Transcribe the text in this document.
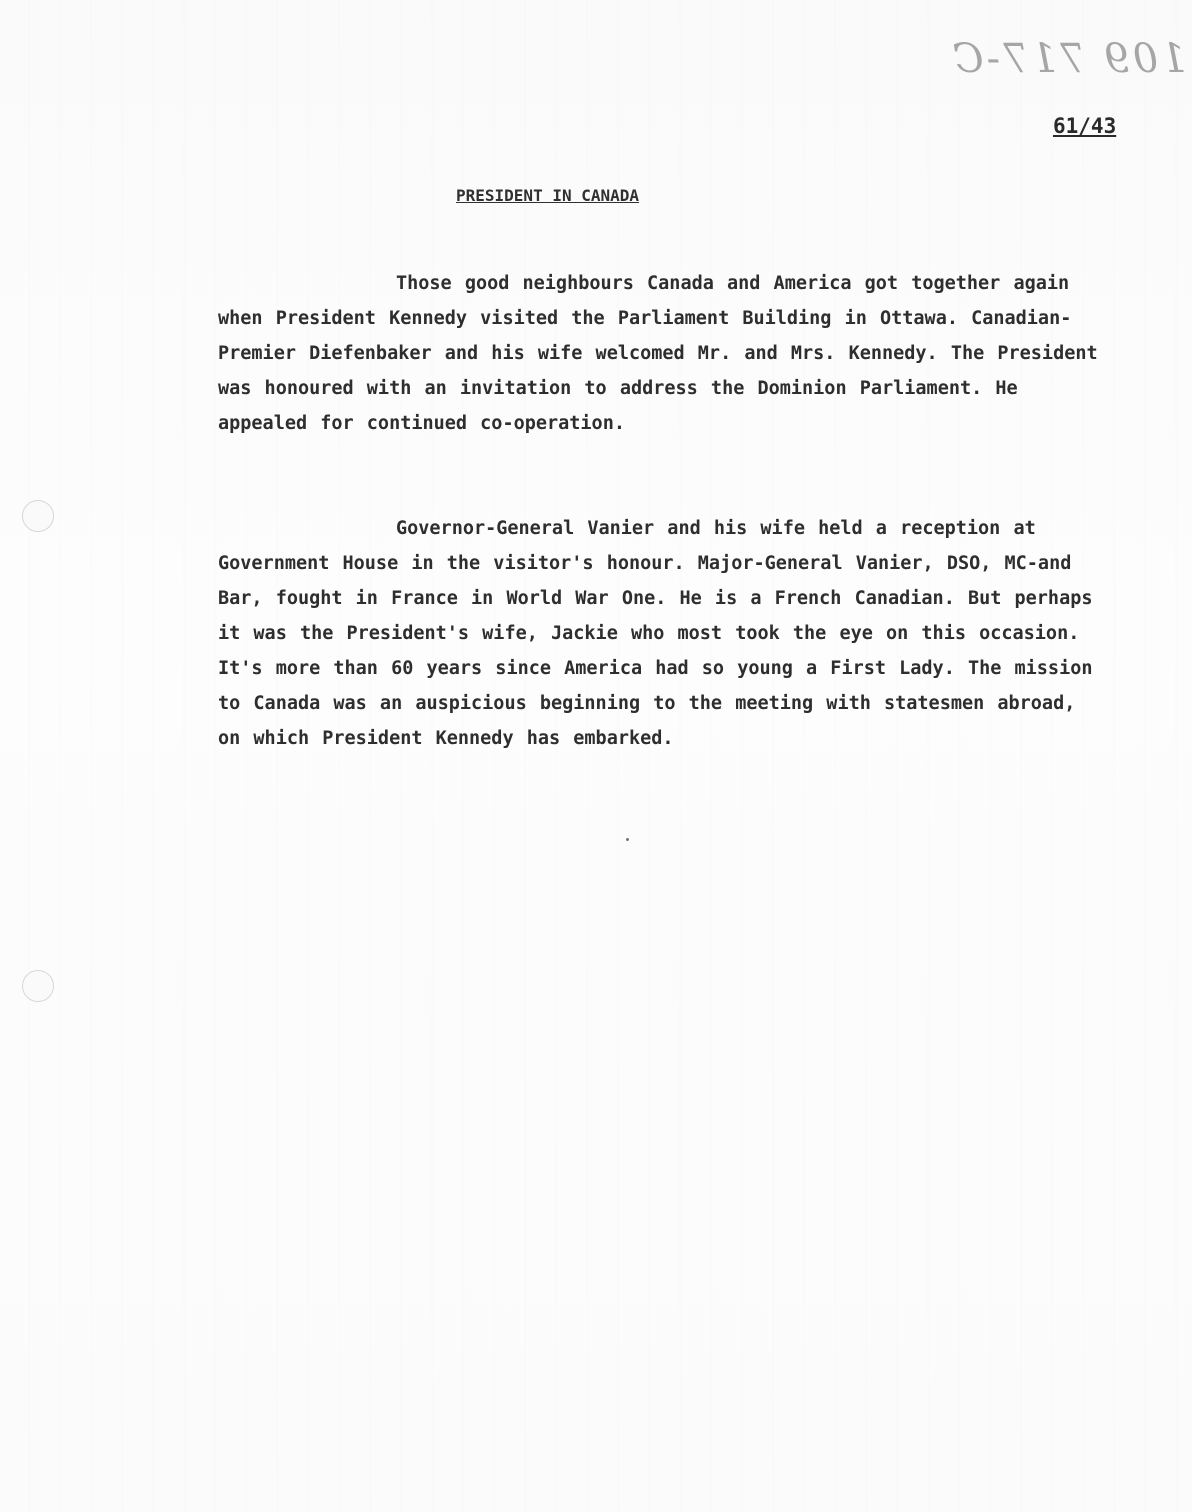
109 717-C
61/43
PRESIDENT IN CANADA

Those good neighbours Canada and America got together again when President Kennedy visited the Parliament Building in Ottawa. Canadian-Premier Diefenbaker and his wife welcomed Mr. and Mrs. Kennedy. The President was honoured with an invitation to address the Dominion Parliament. He appealed for continued co-operation.

Governor-General Vanier and his wife held a reception at Government House in the visitor's honour. Major-General Vanier, DSO, MC-and Bar, fought in France in World War One. He is a French Canadian. But perhaps it was the President's wife, Jackie who most took the eye on this occasion. It's more than 60 years since America had so young a First Lady. The mission to Canada was an auspicious beginning to the meeting with statesmen abroad, on which President Kennedy has embarked.
